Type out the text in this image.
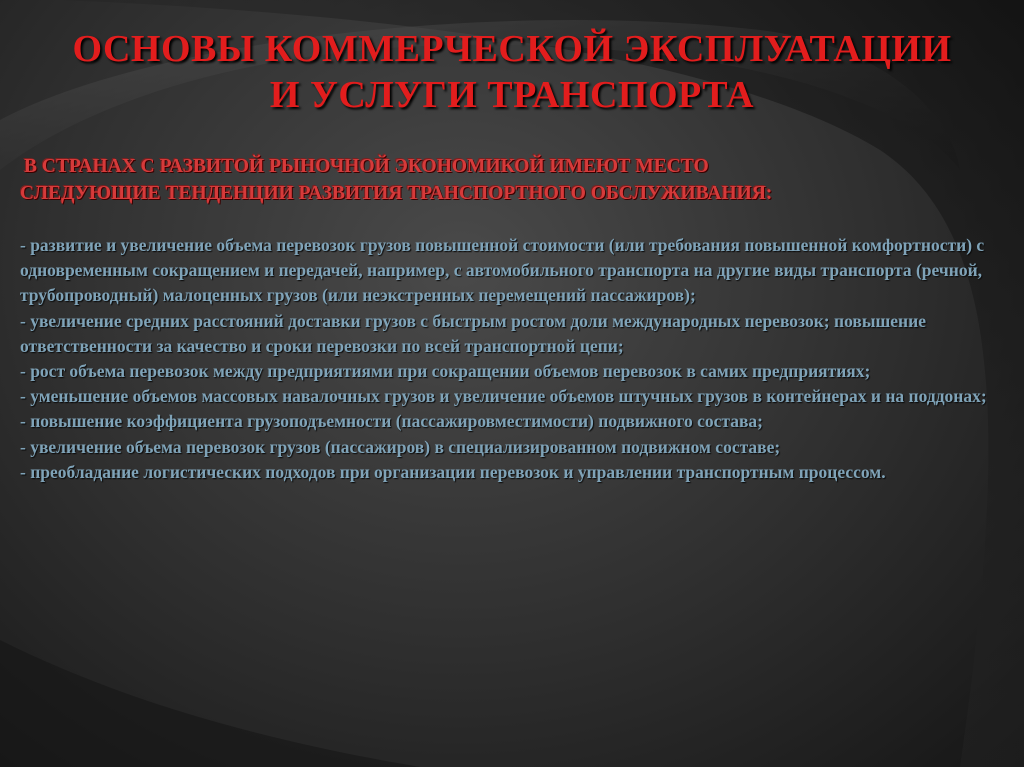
ОСНОВЫ КОММЕРЧЕСКОЙ ЭКСПЛУАТАЦИИ
И УСЛУГИ ТРАНСПОРТА

В СТРАНАХ С РАЗВИТОЙ РЫНОЧНОЙ ЭКОНОМИКОЙ ИМЕЮТ МЕСТО
СЛЕДУЮЩИЕ ТЕНДЕНЦИИ РАЗВИТИЯ ТРАНСПОРТНОГО ОБСЛУЖИВАНИЯ:

- развитие и увеличение объема перевозок грузов повышенной стоимости (или требования повышенной комфортности) с одновременным сокращением и передачей, например, с автомобильного транспорта на другие виды транспорта (речной, трубопроводный) малоценных грузов (или неэкстренных перемещений пассажиров);

- увеличение средних расстояний доставки грузов с быстрым ростом доли международных перевозок; повышение ответственности за качество и сроки перевозки по всей транспортной цепи;

- рост объема перевозок между предприятиями при сокращении объемов перевозок в самих предприятиях;

- уменьшение объемов массовых навалочных грузов и увеличение объемов штучных грузов в контейнерах и на поддонах;

- повышение коэффициента грузоподъемности (пассажировместимости) подвижного состава;

- увеличение объема перевозок грузов (пассажиров) в специализированном подвижном составе;

- преобладание логистических подходов при организации перевозок и управлении транспортным процессом.
